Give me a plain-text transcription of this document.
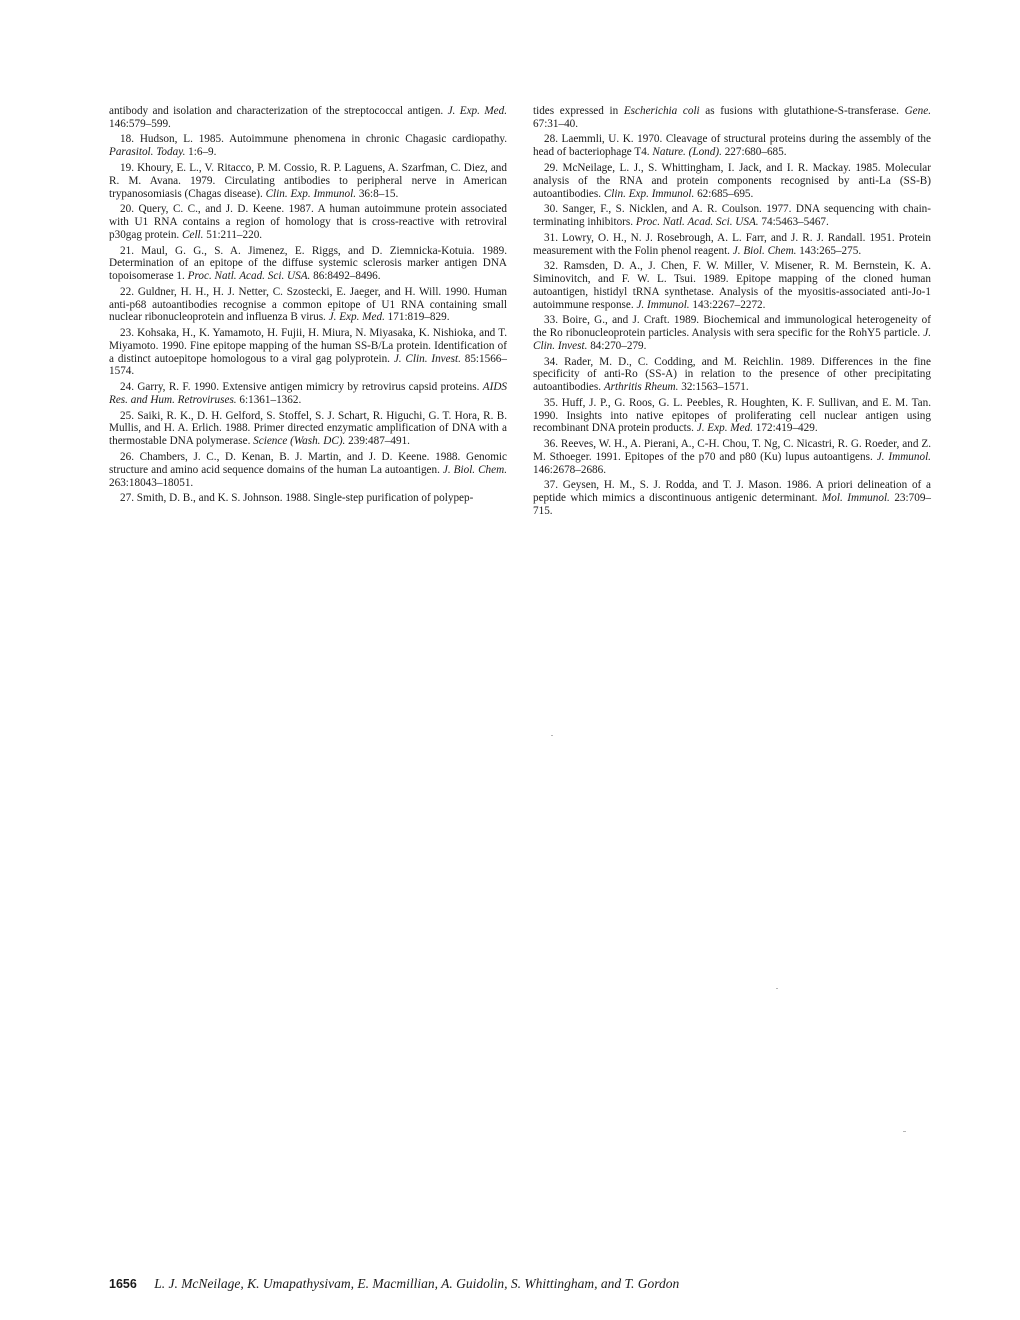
antibody and isolation and characterization of the streptococcal antigen. J. Exp. Med. 146:579–599.

18. Hudson, L. 1985. Autoimmune phenomena in chronic Chagasic cardiopathy. Parasitol. Today. 1:6–9.

19. Khoury, E. L., V. Ritacco, P. M. Cossio, R. P. Laguens, A. Szarfman, C. Diez, and R. M. Avana. 1979. Circulating antibodies to peripheral nerve in American trypanosomiasis (Chagas disease). Clin. Exp. Immunol. 36:8–15.

20. Query, C. C., and J. D. Keene. 1987. A human autoimmune protein associated with U1 RNA contains a region of homology that is cross-reactive with retroviral p30gag protein. Cell. 51:211–220.

21. Maul, G. G., S. A. Jimenez, E. Riggs, and D. Ziemnicka-Kotuia. 1989. Determination of an epitope of the diffuse systemic sclerosis marker antigen DNA topoisomerase 1. Proc. Natl. Acad. Sci. USA. 86:8492–8496.

22. Guldner, H. H., H. J. Netter, C. Szostecki, E. Jaeger, and H. Will. 1990. Human anti-p68 autoantibodies recognise a common epitope of U1 RNA containing small nuclear ribonucleoprotein and influenza B virus. J. Exp. Med. 171:819–829.

23. Kohsaka, H., K. Yamamoto, H. Fujii, H. Miura, N. Miyasaka, K. Nishioka, and T. Miyamoto. 1990. Fine epitope mapping of the human SS-B/La protein. Identification of a distinct autoepitope homologous to a viral gag polyprotein. J. Clin. Invest. 85:1566–1574.

24. Garry, R. F. 1990. Extensive antigen mimicry by retrovirus capsid proteins. AIDS Res. and Hum. Retroviruses. 6:1361–1362.

25. Saiki, R. K., D. H. Gelford, S. Stoffel, S. J. Schart, R. Higuchi, G. T. Hora, R. B. Mullis, and H. A. Erlich. 1988. Primer directed enzymatic amplification of DNA with a thermostable DNA polymerase. Science (Wash. DC). 239:487–491.

26. Chambers, J. C., D. Kenan, B. J. Martin, and J. D. Keene. 1988. Genomic structure and amino acid sequence domains of the human La autoantigen. J. Biol. Chem. 263:18043–18051.

27. Smith, D. B., and K. S. Johnson. 1988. Single-step purification of polypep-

tides expressed in Escherichia coli as fusions with glutathione-S-transferase. Gene. 67:31–40.

28. Laemmli, U. K. 1970. Cleavage of structural proteins during the assembly of the head of bacteriophage T4. Nature. (Lond). 227:680–685.

29. McNeilage, L. J., S. Whittingham, I. Jack, and I. R. Mackay. 1985. Molecular analysis of the RNA and protein components recognised by anti-La (SS-B) autoantibodies. Clin. Exp. Immunol. 62:685–695.

30. Sanger, F., S. Nicklen, and A. R. Coulson. 1977. DNA sequencing with chain-terminating inhibitors. Proc. Natl. Acad. Sci. USA. 74:5463–5467.

31. Lowry, O. H., N. J. Rosebrough, A. L. Farr, and J. R. J. Randall. 1951. Protein measurement with the Folin phenol reagent. J. Biol. Chem. 143:265–275.

32. Ramsden, D. A., J. Chen, F. W. Miller, V. Misener, R. M. Bernstein, K. A. Siminovitch, and F. W. L. Tsui. 1989. Epitope mapping of the cloned human autoantigen, histidyl tRNA synthetase. Analysis of the myositis-associated anti-Jo-1 autoimmune response. J. Immunol. 143:2267–2272.

33. Boire, G., and J. Craft. 1989. Biochemical and immunological heterogeneity of the Ro ribonucleoprotein particles. Analysis with sera specific for the RohY5 particle. J. Clin. Invest. 84:270–279.

34. Rader, M. D., C. Codding, and M. Reichlin. 1989. Differences in the fine specificity of anti-Ro (SS-A) in relation to the presence of other precipitating autoantibodies. Arthritis Rheum. 32:1563–1571.

35. Huff, J. P., G. Roos, G. L. Peebles, R. Houghten, K. F. Sullivan, and E. M. Tan. 1990. Insights into native epitopes of proliferating cell nuclear antigen using recombinant DNA protein products. J. Exp. Med. 172:419–429.

36. Reeves, W. H., A. Pierani, A., C-H. Chou, T. Ng, C. Nicastri, R. G. Roeder, and Z. M. Sthoeger. 1991. Epitopes of the p70 and p80 (Ku) lupus autoantigens. J. Immunol. 146:2678–2686.

37. Geysen, H. M., S. J. Rodda, and T. J. Mason. 1986. A priori delineation of a peptide which mimics a discontinuous antigenic determinant. Mol. Immunol. 23:709–715.

1656 L. J. McNeilage, K. Umapathysivam, E. Macmillian, A. Guidolin, S. Whittingham, and T. Gordon
